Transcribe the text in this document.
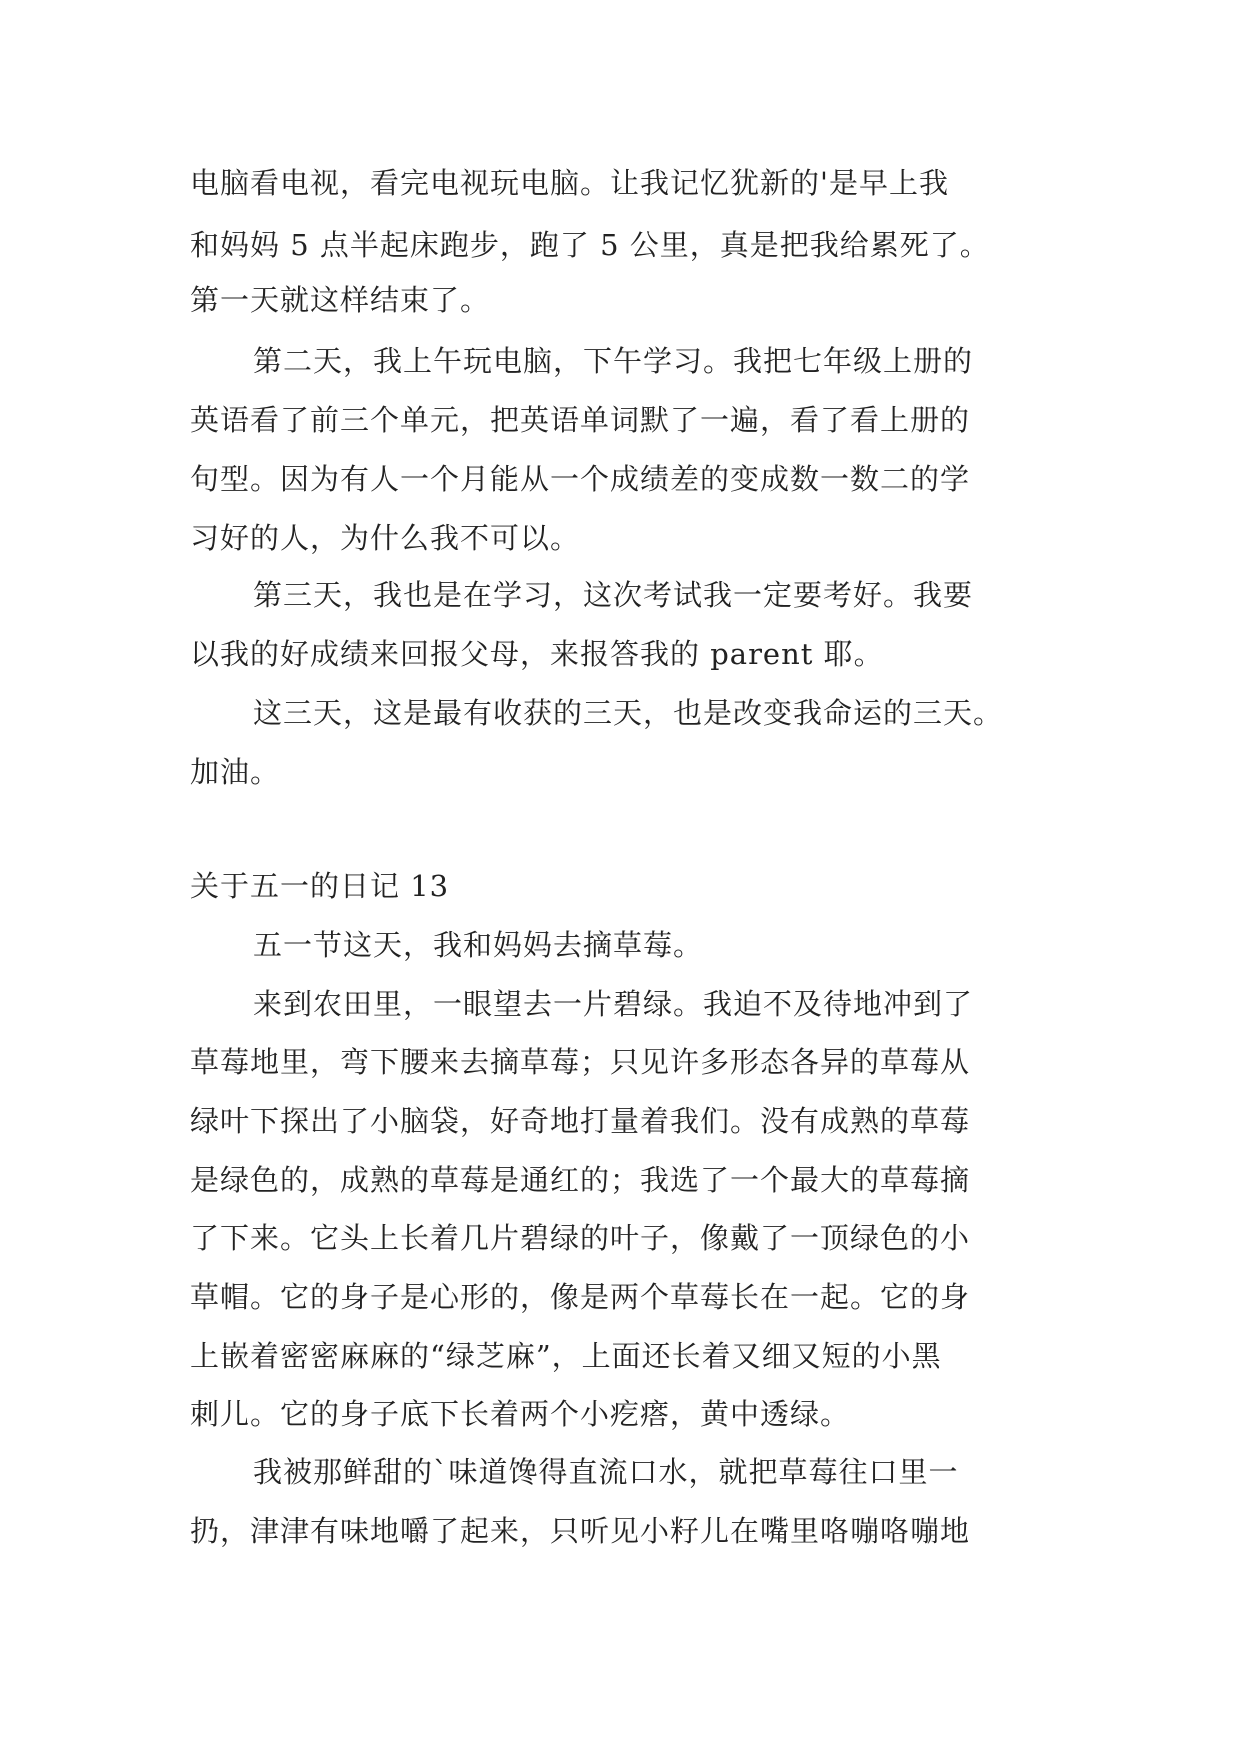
电脑看电视，看完电视玩电脑。让我记忆犹新的'是早上我
和妈妈 5 点半起床跑步，跑了 5 公里，真是把我给累死了。
第一天就这样结束了。
第二天，我上午玩电脑，下午学习。我把七年级上册的
英语看了前三个单元，把英语单词默了一遍，看了看上册的
句型。因为有人一个月能从一个成绩差的变成数一数二的学
习好的人，为什么我不可以。
第三天，我也是在学习，这次考试我一定要考好。我要
以我的好成绩来回报父母，来报答我的 parent 耶。
这三天，这是最有收获的三天，也是改变我命运的三天。
加油。
关于五一的日记 13
五一节这天，我和妈妈去摘草莓。
来到农田里，一眼望去一片碧绿。我迫不及待地冲到了
草莓地里，弯下腰来去摘草莓；只见许多形态各异的草莓从
绿叶下探出了小脑袋，好奇地打量着我们。没有成熟的草莓
是绿色的，成熟的草莓是通红的；我选了一个最大的草莓摘
了下来。它头上长着几片碧绿的叶子，像戴了一顶绿色的小
草帽。它的身子是心形的，像是两个草莓长在一起。它的身
上嵌着密密麻麻的“绿芝麻”，上面还长着又细又短的小黑
刺儿。它的身子底下长着两个小疙瘩，黄中透绿。
我被那鲜甜的`味道馋得直流口水，就把草莓往口里一
扔，津津有味地嚼了起来，只听见小籽儿在嘴里咯嘣咯嘣地
